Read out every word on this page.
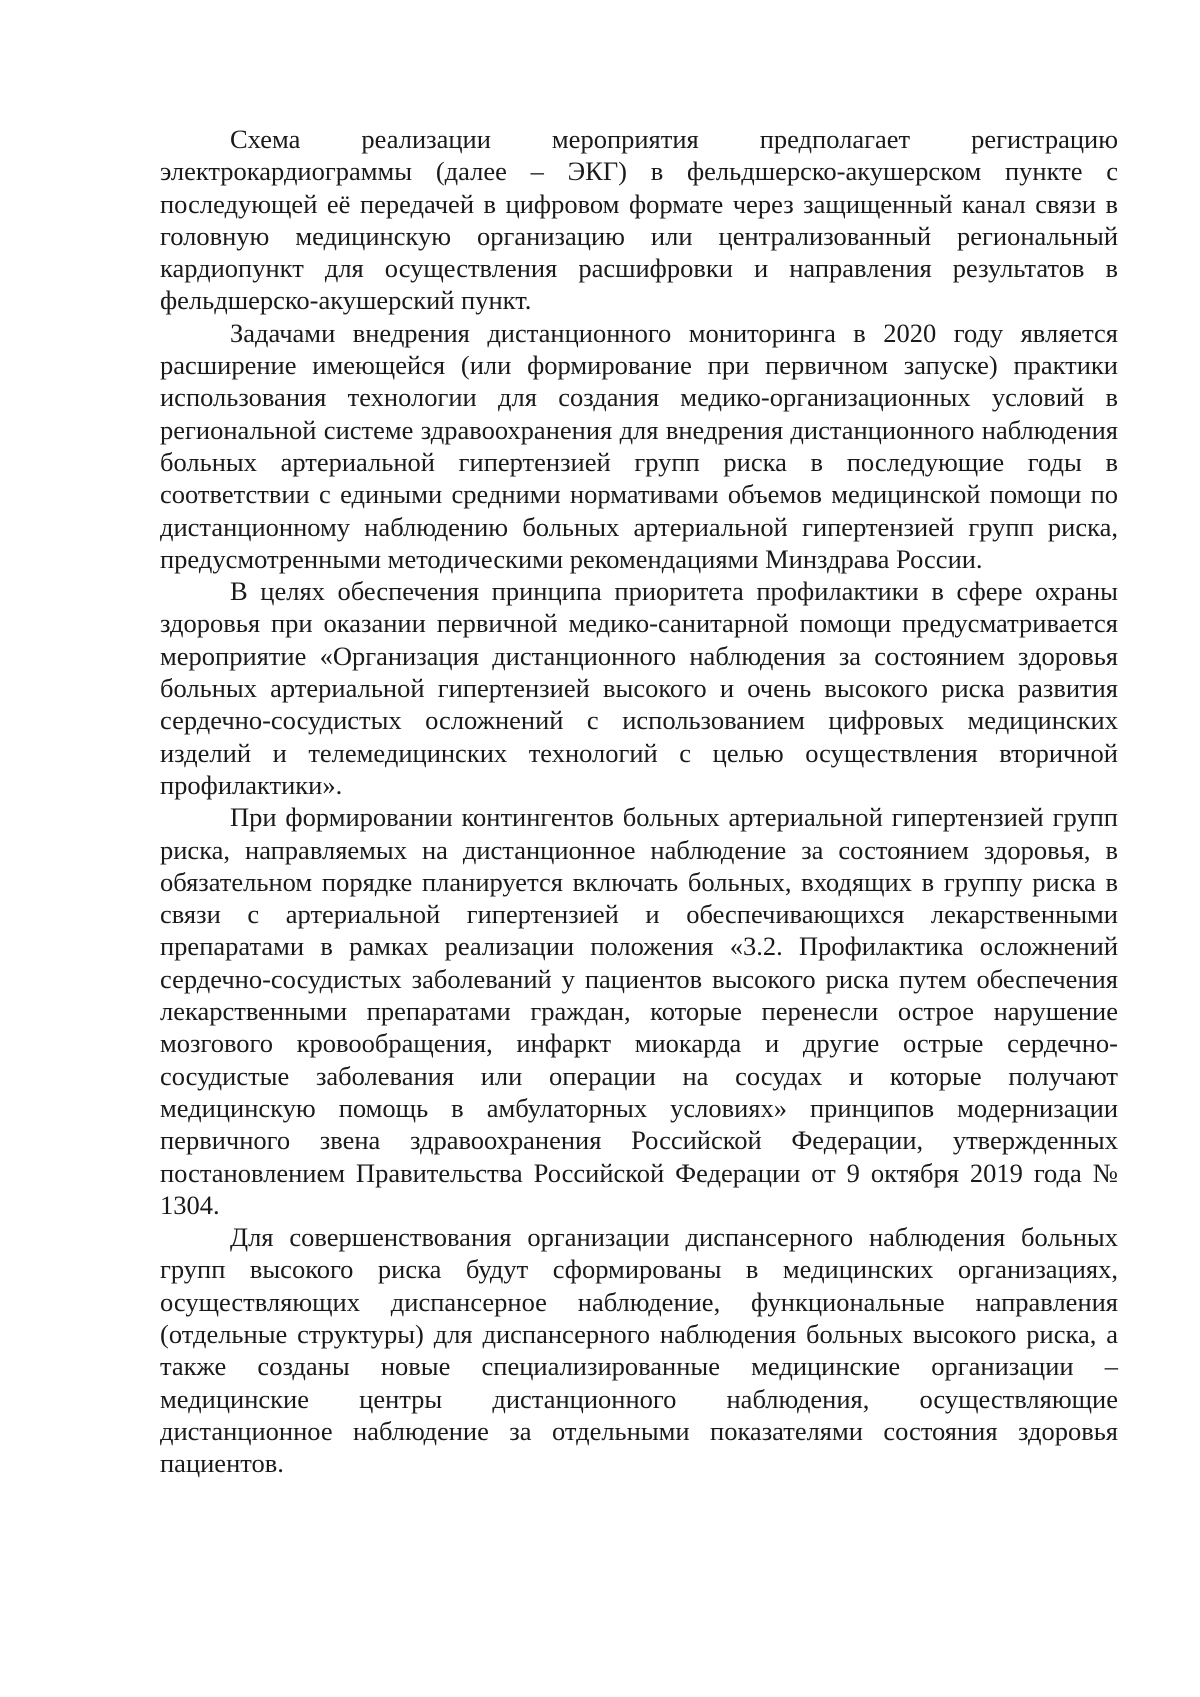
Схема реализации мероприятия предполагает регистрацию электрокардиограммы (далее – ЭКГ) в фельдшерско-акушерском пункте с последующей её передачей в цифровом формате через защищенный канал связи в головную медицинскую организацию или централизованный региональный кардиопункт для осуществления расшифровки и направления результатов в фельдшерско-акушерский пункт.

Задачами внедрения дистанционного мониторинга в 2020 году является расширение имеющейся (или формирование при первичном запуске) практики использования технологии для создания медико-организационных условий в региональной системе здравоохранения для внедрения дистанционного наблюдения больных артериальной гипертензией групп риска в последующие годы в соответствии с едиными средними нормативами объемов медицинской помощи по дистанционному наблюдению больных артериальной гипертензией групп риска, предусмотренными методическими рекомендациями Минздрава России.

В целях обеспечения принципа приоритета профилактики в сфере охраны здоровья при оказании первичной медико-санитарной помощи предусматривается мероприятие «Организация дистанционного наблюдения за состоянием здоровья больных артериальной гипертензией высокого и очень высокого риска развития сердечно-сосудистых осложнений с использованием цифровых медицинских изделий и телемедицинских технологий с целью осуществления вторичной профилактики».

При формировании контингентов больных артериальной гипертензией групп риска, направляемых на дистанционное наблюдение за состоянием здоровья, в обязательном порядке планируется включать больных, входящих в группу риска в связи с артериальной гипертензией и обеспечивающихся лекарственными препаратами в рамках реализации положения «3.2. Профилактика осложнений сердечно-сосудистых заболеваний у пациентов высокого риска путем обеспечения лекарственными препаратами граждан, которые перенесли острое нарушение мозгового кровообращения, инфаркт миокарда и другие острые сердечно-сосудистые заболевания или операции на сосудах и которые получают медицинскую помощь в амбулаторных условиях» принципов модернизации первичного звена здравоохранения Российской Федерации, утвержденных постановлением Правительства Российской Федерации от 9 октября 2019 года № 1304.

Для совершенствования организации диспансерного наблюдения больных групп высокого риска будут сформированы в медицинских организациях, осуществляющих диспансерное наблюдение, функциональные направления (отдельные структуры) для диспансерного наблюдения больных высокого риска, а также созданы новые специализированные медицинские организации – медицинские центры дистанционного наблюдения, осуществляющие дистанционное наблюдение за отдельными показателями состояния здоровья пациентов.
